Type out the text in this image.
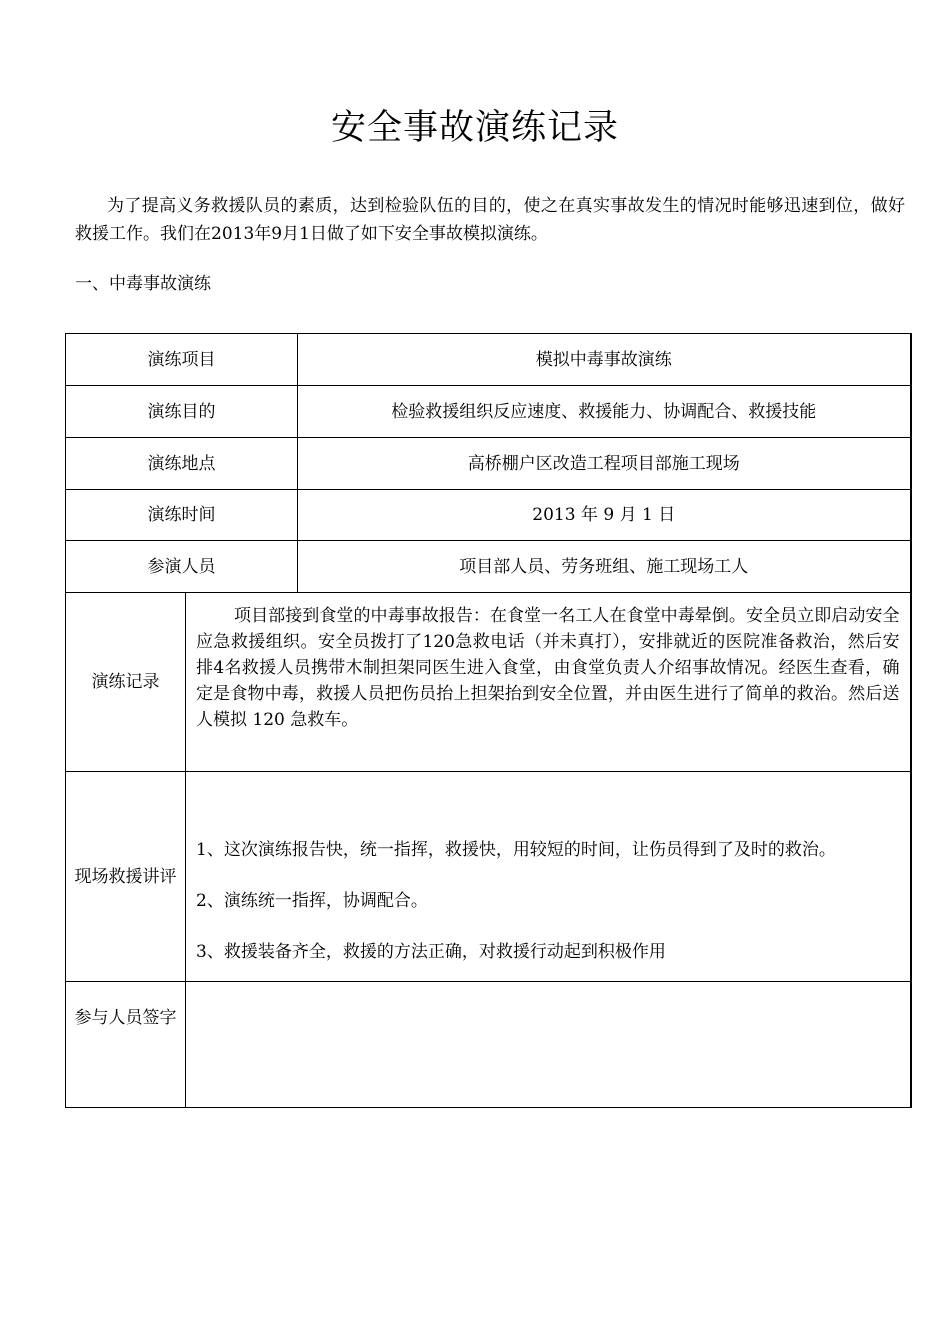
安全事故演练记录
为了提高义务救援队员的素质，达到检验队伍的目的，使之在真实事故发生的情况时能够迅速到位，做好救援工作。我们在2013年9月1日做了如下安全事故模拟演练。
一、中毒事故演练
演练项目		模拟中毒事故演练
演练目的		检验救援组织反应速度、救援能力、协调配合、救援技能
演练地点		高桥棚户区改造工程项目部施工现场
演练时间		2013 年 9 月 1 日
参演人员		项目部人员、劳务班组、施工现场工人
演练记录	项目部接到食堂的中毒事故报告：在食堂一名工人在食堂中毒晕倒。安全员立即启动安全应急救援组织。安全员拨打了120急救电话（并未真打），安排就近的医院准备救治，然后安排4名救援人员携带木制担架同医生进入食堂，由食堂负责人介绍事故情况。经医生查看，确定是食物中毒，救援人员把伤员抬上担架抬到安全位置，并由医生进行了简单的救治。然后送人模拟 120 急救车。	
现场救援讲评	1、这次演练报告快，统一指挥，救援快，用较短的时间，让伤员得到了及时的救治。
2、演练统一指挥，协调配合。
3、救援装备齐全，救援的方法正确，对救援行动起到积极作用	

参与人员签字		
